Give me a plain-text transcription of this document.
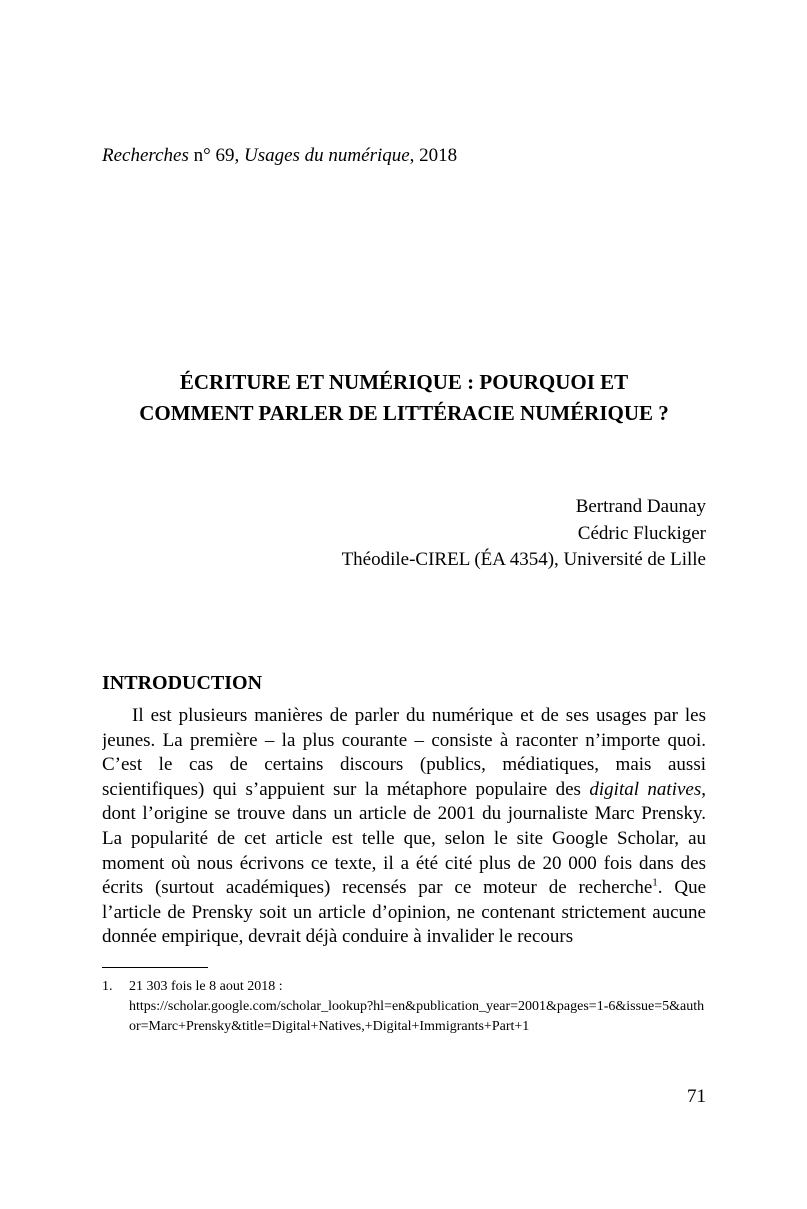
Recherches n° 69, Usages du numérique, 2018
ÉCRITURE ET NUMÉRIQUE : POURQUOI ET
COMMENT PARLER DE LITTÉRACIE NUMÉRIQUE ?
Bertrand Daunay
Cédric Fluckiger
Théodile-CIREL (ÉA 4354), Université de Lille
INTRODUCTION

Il est plusieurs manières de parler du numérique et de ses usages par les jeunes. La première – la plus courante – consiste à raconter n’importe quoi. C’est le cas de certains discours (publics, médiatiques, mais aussi scientifiques) qui s’appuient sur la métaphore populaire des digital natives, dont l’origine se trouve dans un article de 2001 du journaliste Marc Prensky. La popularité de cet article est telle que, selon le site Google Scholar, au moment où nous écrivons ce texte, il a été cité plus de 20 000 fois dans des écrits (surtout académiques) recensés par ce moteur de recherche$^1$. Que l’article de Prensky soit un article d’opinion, ne contenant strictement aucune donnée empirique, devrait déjà conduire à invalider le recours

1. 21 303 fois le 8 aout 2018 :
https://scholar.google.com/scholar_lookup?hl=en&publication_year=2001&pages=1-6&issue=5&author=Marc+Prensky&title=Digital+Natives,+Digital+Immigrants+Part+1
71
